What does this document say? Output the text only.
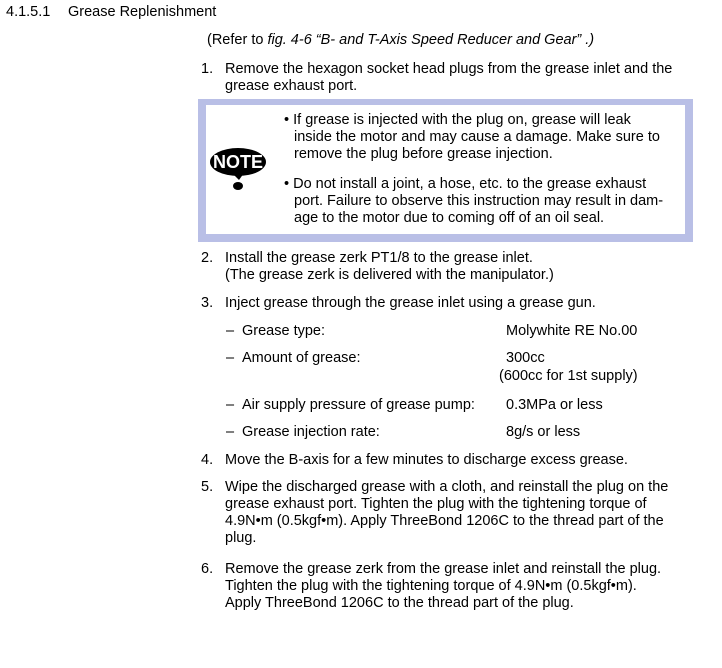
4.1.5.1 Grease Replenishment
(Refer to fig. 4-6 “B- and T-Axis Speed Reducer and Gear” .)
1. Remove the hexagon socket head plugs from the grease inlet and the
grease exhaust port.
NOTE
• If grease is injected with the plug on, grease will leak
inside the motor and may cause a damage. Make sure to
remove the plug before grease injection.
• Do not install a joint, a hose, etc. to the grease exhaust
port. Failure to observe this instruction may result in dam-
age to the motor due to coming off of an oil seal.
2. Install the grease zerk PT1/8 to the grease inlet.
(The grease zerk is delivered with the manipulator.)
3. Inject grease through the grease inlet using a grease gun.
– Grease type:	Molywhite RE No.00
– Amount of grease:	300cc
(600cc for 1st supply)
– Air supply pressure of grease pump: 0.3MPa or less
– Grease injection rate:	8g/s or less
4. Move the B-axis for a few minutes to discharge excess grease.
5. Wipe the discharged grease with a cloth, and reinstall the plug on the
grease exhaust port. Tighten the plug with the tightening torque of
4.9N•m (0.5kgf•m). Apply ThreeBond 1206C to the thread part of the
plug.
6. Remove the grease zerk from the grease inlet and reinstall the plug.
Tighten the plug with the tightening torque of 4.9N•m (0.5kgf•m).
Apply ThreeBond 1206C to the thread part of the plug.
